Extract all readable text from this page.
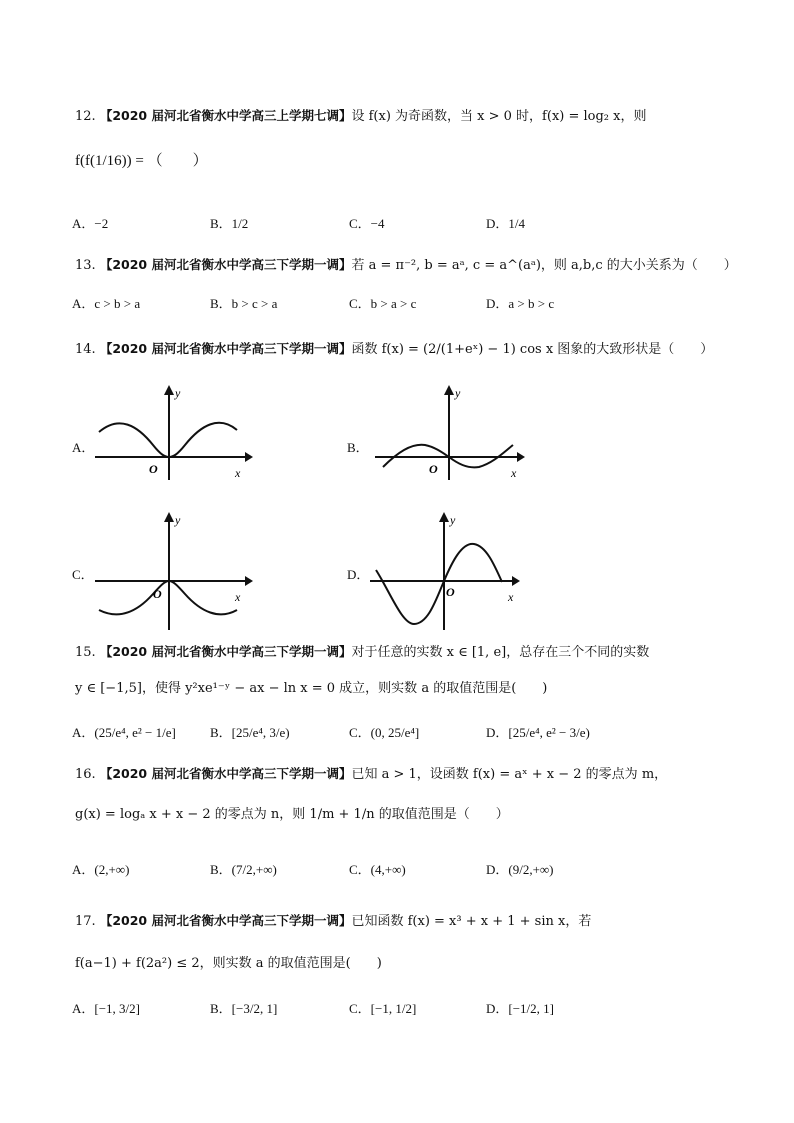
12. 【2020 届河北省衡水中学高三上学期七调】设 f(x) 为奇函数，当 x > 0 时，f(x) = log₂ x，则
f(f(1/16)) = （　　）
A．−2	B．1/2	C．−4	D．1/4
13. 【2020 届河北省衡水中学高三下学期一调】若 a = π⁻², b = aᵃ, c = a^(aᵃ)，则 a,b,c 的大小关系为（　　）
A．c > b > a	B．b > c > a	C．b > a > c	D．a > b > c
14. 【2020 届河北省衡水中学高三下学期一调】函数 f(x) = (2/(1+eˣ) − 1) cos x 图象的大致形状是（　　）
A．
y
x
O
B．
y
x
O
C．
y
x
O
D．
y
x
O
15. 【2020 届河北省衡水中学高三下学期一调】对于任意的实数 x ∈ [1, e]，总存在三个不同的实数
y ∈ [−1,5]，使得 y²xe¹⁻ʸ − ax − ln x = 0 成立，则实数 a 的取值范围是(　　)
A．(25/e⁴, e² − 1/e]	B．[25/e⁴, 3/e)	C．(0, 25/e⁴]	D．[25/e⁴, e² − 3/e)
16. 【2020 届河北省衡水中学高三下学期一调】已知 a > 1，设函数 f(x) = aˣ + x − 2 的零点为 m，
g(x) = logₐ x + x − 2 的零点为 n，则 1/m + 1/n 的取值范围是（　　）
A．(2,+∞)	B．(7/2,+∞)	C．(4,+∞)	D．(9/2,+∞)
17. 【2020 届河北省衡水中学高三下学期一调】已知函数 f(x) = x³ + x + 1 + sin x，若
f(a−1) + f(2a²) ≤ 2，则实数 a 的取值范围是(　　)
A．[−1, 3/2]	B．[−3/2, 1]	C．[−1, 1/2]	D．[−1/2, 1]
